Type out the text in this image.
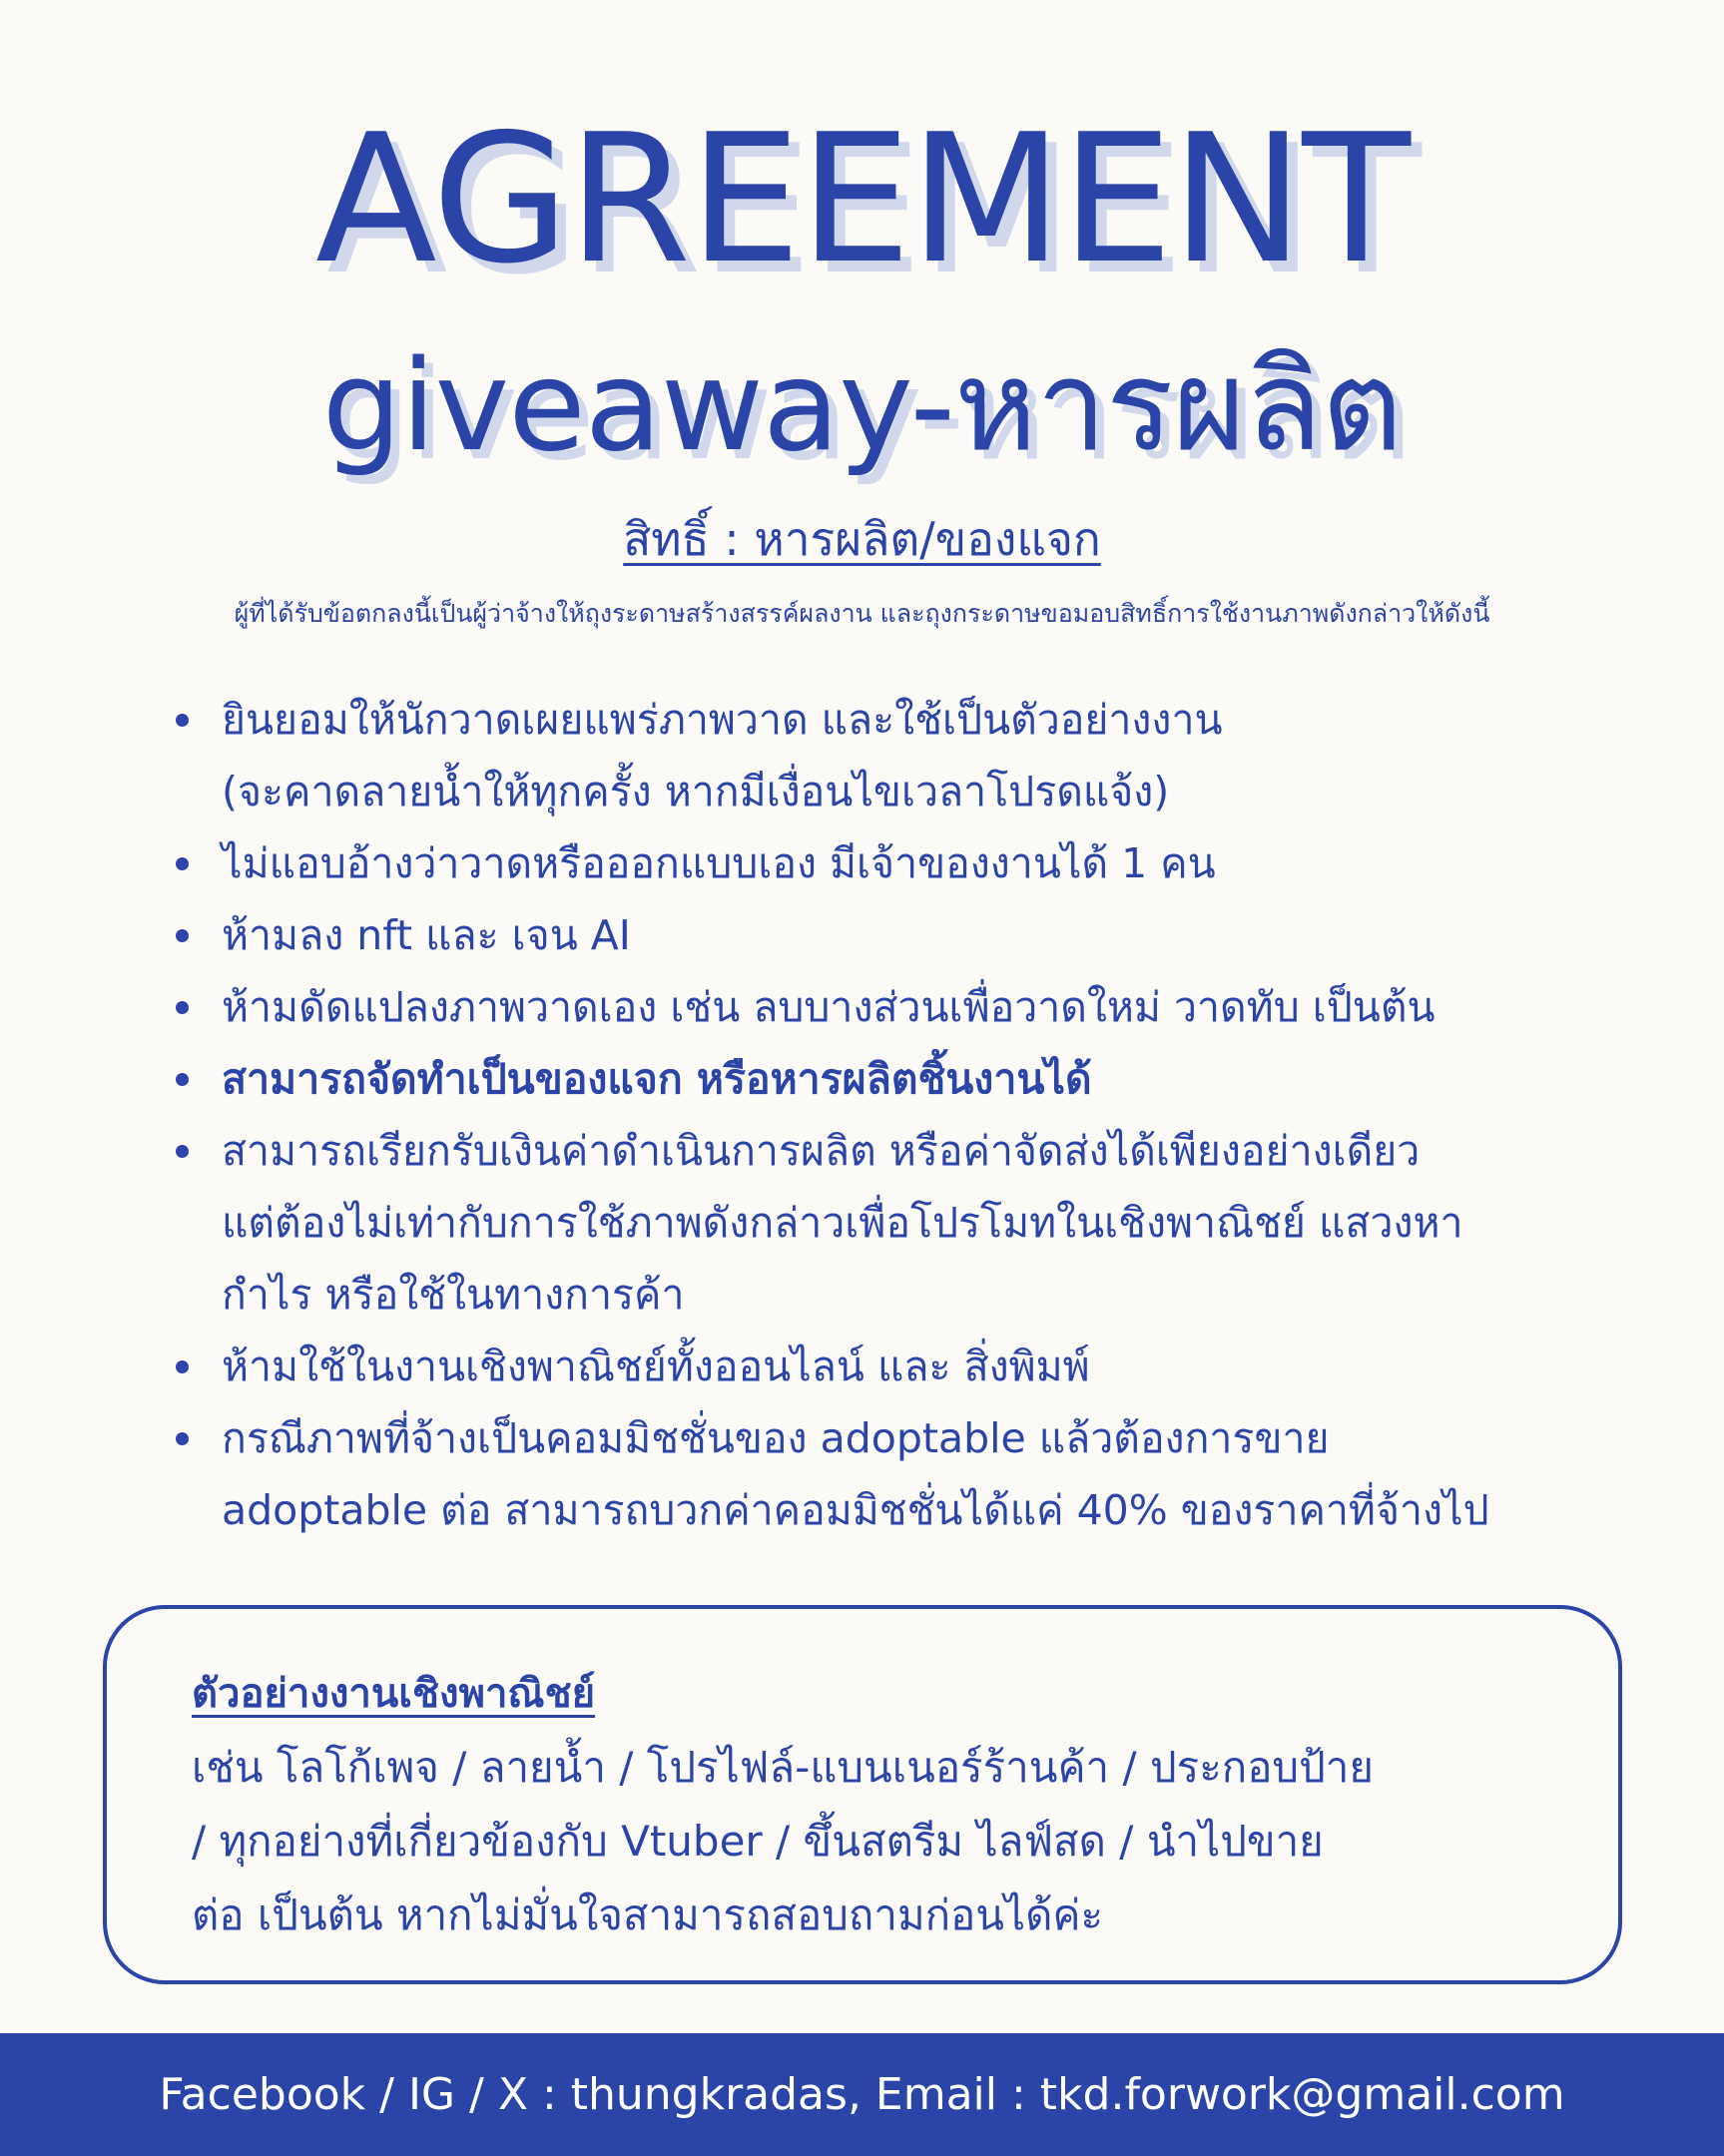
AGREEMENT
giveaway-หารผลิต

สิทธิ์ : หารผลิต/ของแจก

ผู้ที่ได้รับข้อตกลงนี้เป็นผู้ว่าจ้างให้ถุงระดาษสร้างสรรค์ผลงาน และถุงกระดาษขอมอบสิทธิ์การใช้งานภาพดังกล่าวให้ดังนี้

ยินยอมให้นักวาดเผยแพร่ภาพวาด และใช้เป็นตัวอย่างงาน
(จะคาดลายน้ำให้ทุกครั้ง หากมีเงื่อนไขเวลาโปรดแจ้ง)
ไม่แอบอ้างว่าวาดหรือออกแบบเอง มีเจ้าของงานได้ 1 คน
ห้ามลง nft และ เจน AI
ห้ามดัดแปลงภาพวาดเอง เช่น ลบบางส่วนเพื่อวาดใหม่ วาดทับ เป็นต้น
สามารถจัดทำเป็นของแจก หรือหารผลิตชิ้นงานได้
สามารถเรียกรับเงินค่าดำเนินการผลิต หรือค่าจัดส่งได้เพียงอย่างเดียว
แต่ต้องไม่เท่ากับการใช้ภาพดังกล่าวเพื่อโปรโมทในเชิงพาณิชย์ แสวงหา
กำไร หรือใช้ในทางการค้า
ห้ามใช้ในงานเชิงพาณิชย์ทั้งออนไลน์ และ สิ่งพิมพ์
กรณีภาพที่จ้างเป็นคอมมิชชั่นของ adoptable แล้วต้องการขาย
adoptable ต่อ สามารถบวกค่าคอมมิชชั่นได้แค่ 40% ของราคาที่จ้างไป

ตัวอย่างงานเชิงพาณิชย์

เช่น โลโก้เพจ / ลายน้ำ / โปรไฟล์-แบนเนอร์ร้านค้า / ประกอบป้าย
/ ทุกอย่างที่เกี่ยวข้องกับ Vtuber / ขึ้นสตรีม ไลฟ์สด / นำไปขาย
ต่อ เป็นต้น หากไม่มั่นใจสามารถสอบถามก่อนได้ค่ะ

Facebook / IG / X : thungkradas, Email : tkd.forwork@gmail.com
